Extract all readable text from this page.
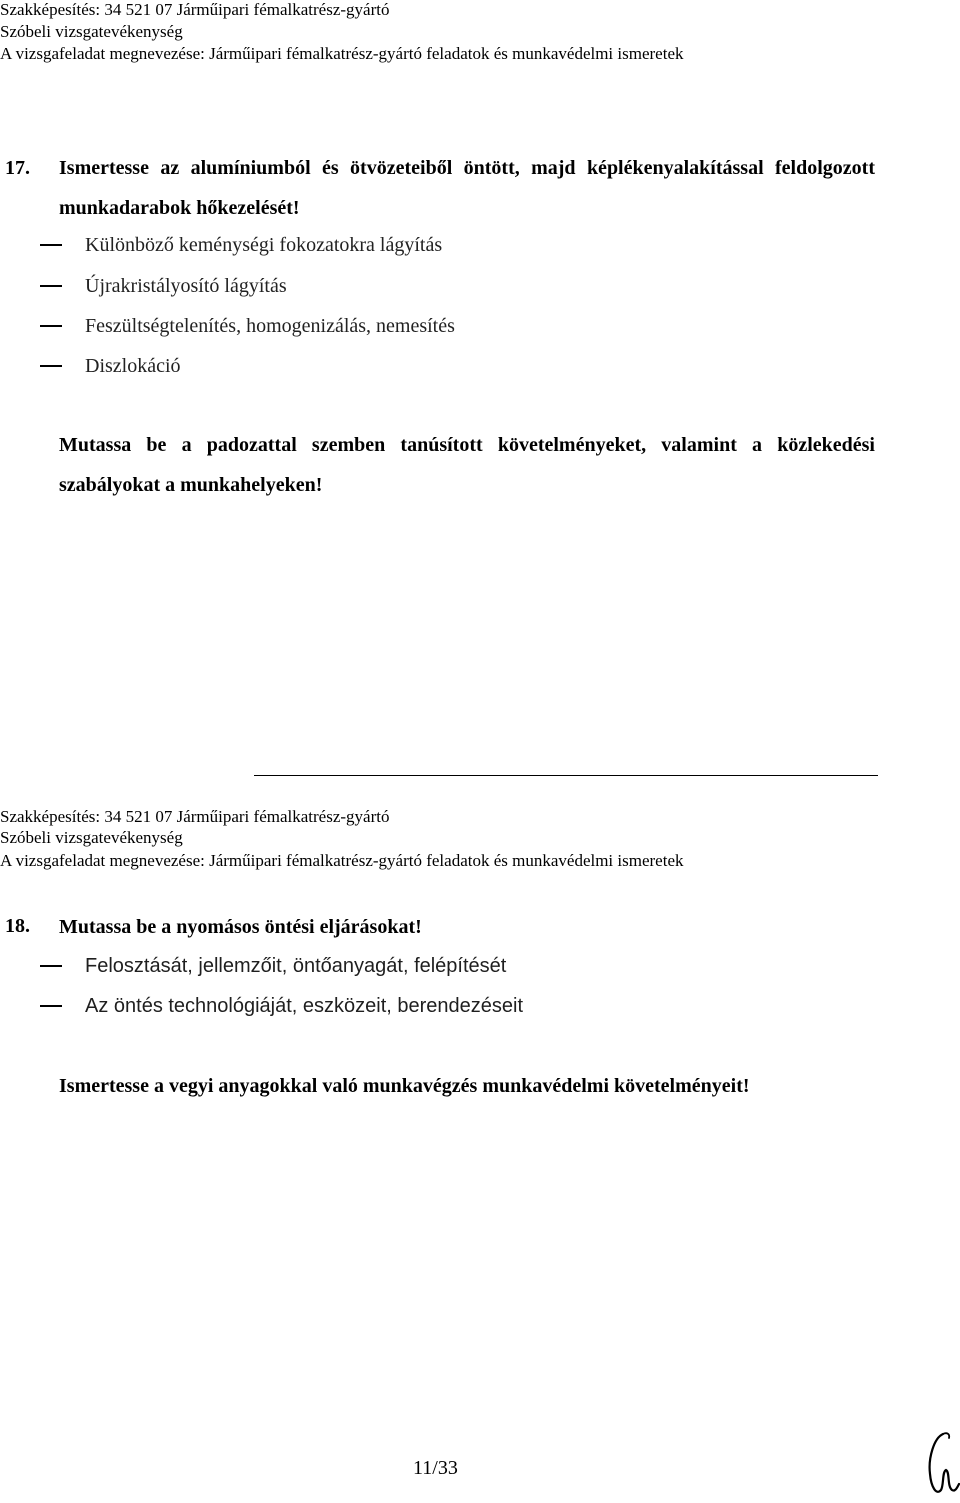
Szakképesítés: 34 521 07 Járműipari fémalkatrész-gyártó
Szóbeli vizsgatevékenység
A vizsgafeladat megnevezése: Járműipari fémalkatrész-gyártó feladatok és munkavédelmi ismeretek
17. Ismertesse az alumíniumból és ötvözeteiből öntött, majd képlékenyalakítással feldolgozott munkadarabok hőkezelését!
Különböző keménységi fokozatokra lágyítás
Újrakristályosító lágyítás
Feszültségtelenítés, homogenizálás, nemesítés
Diszlokáció
Mutassa be a padozattal szemben tanúsított követelményeket, valamint a közlekedési szabályokat a munkahelyeken!
Szakképesítés: 34 521 07 Járműipari fémalkatrész-gyártó
Szóbeli vizsgatevékenység
A vizsgafeladat megnevezése: Járműipari fémalkatrész-gyártó feladatok és munkavédelmi ismeretek
18. Mutassa be a nyomásos öntési eljárásokat!
Felosztását, jellemzőit, öntőanyagát, felépítését
Az öntés technológiáját, eszközeit, berendezéseit
Ismertesse a vegyi anyagokkal való munkavégzés munkavédelmi követelményeit!
11/33
